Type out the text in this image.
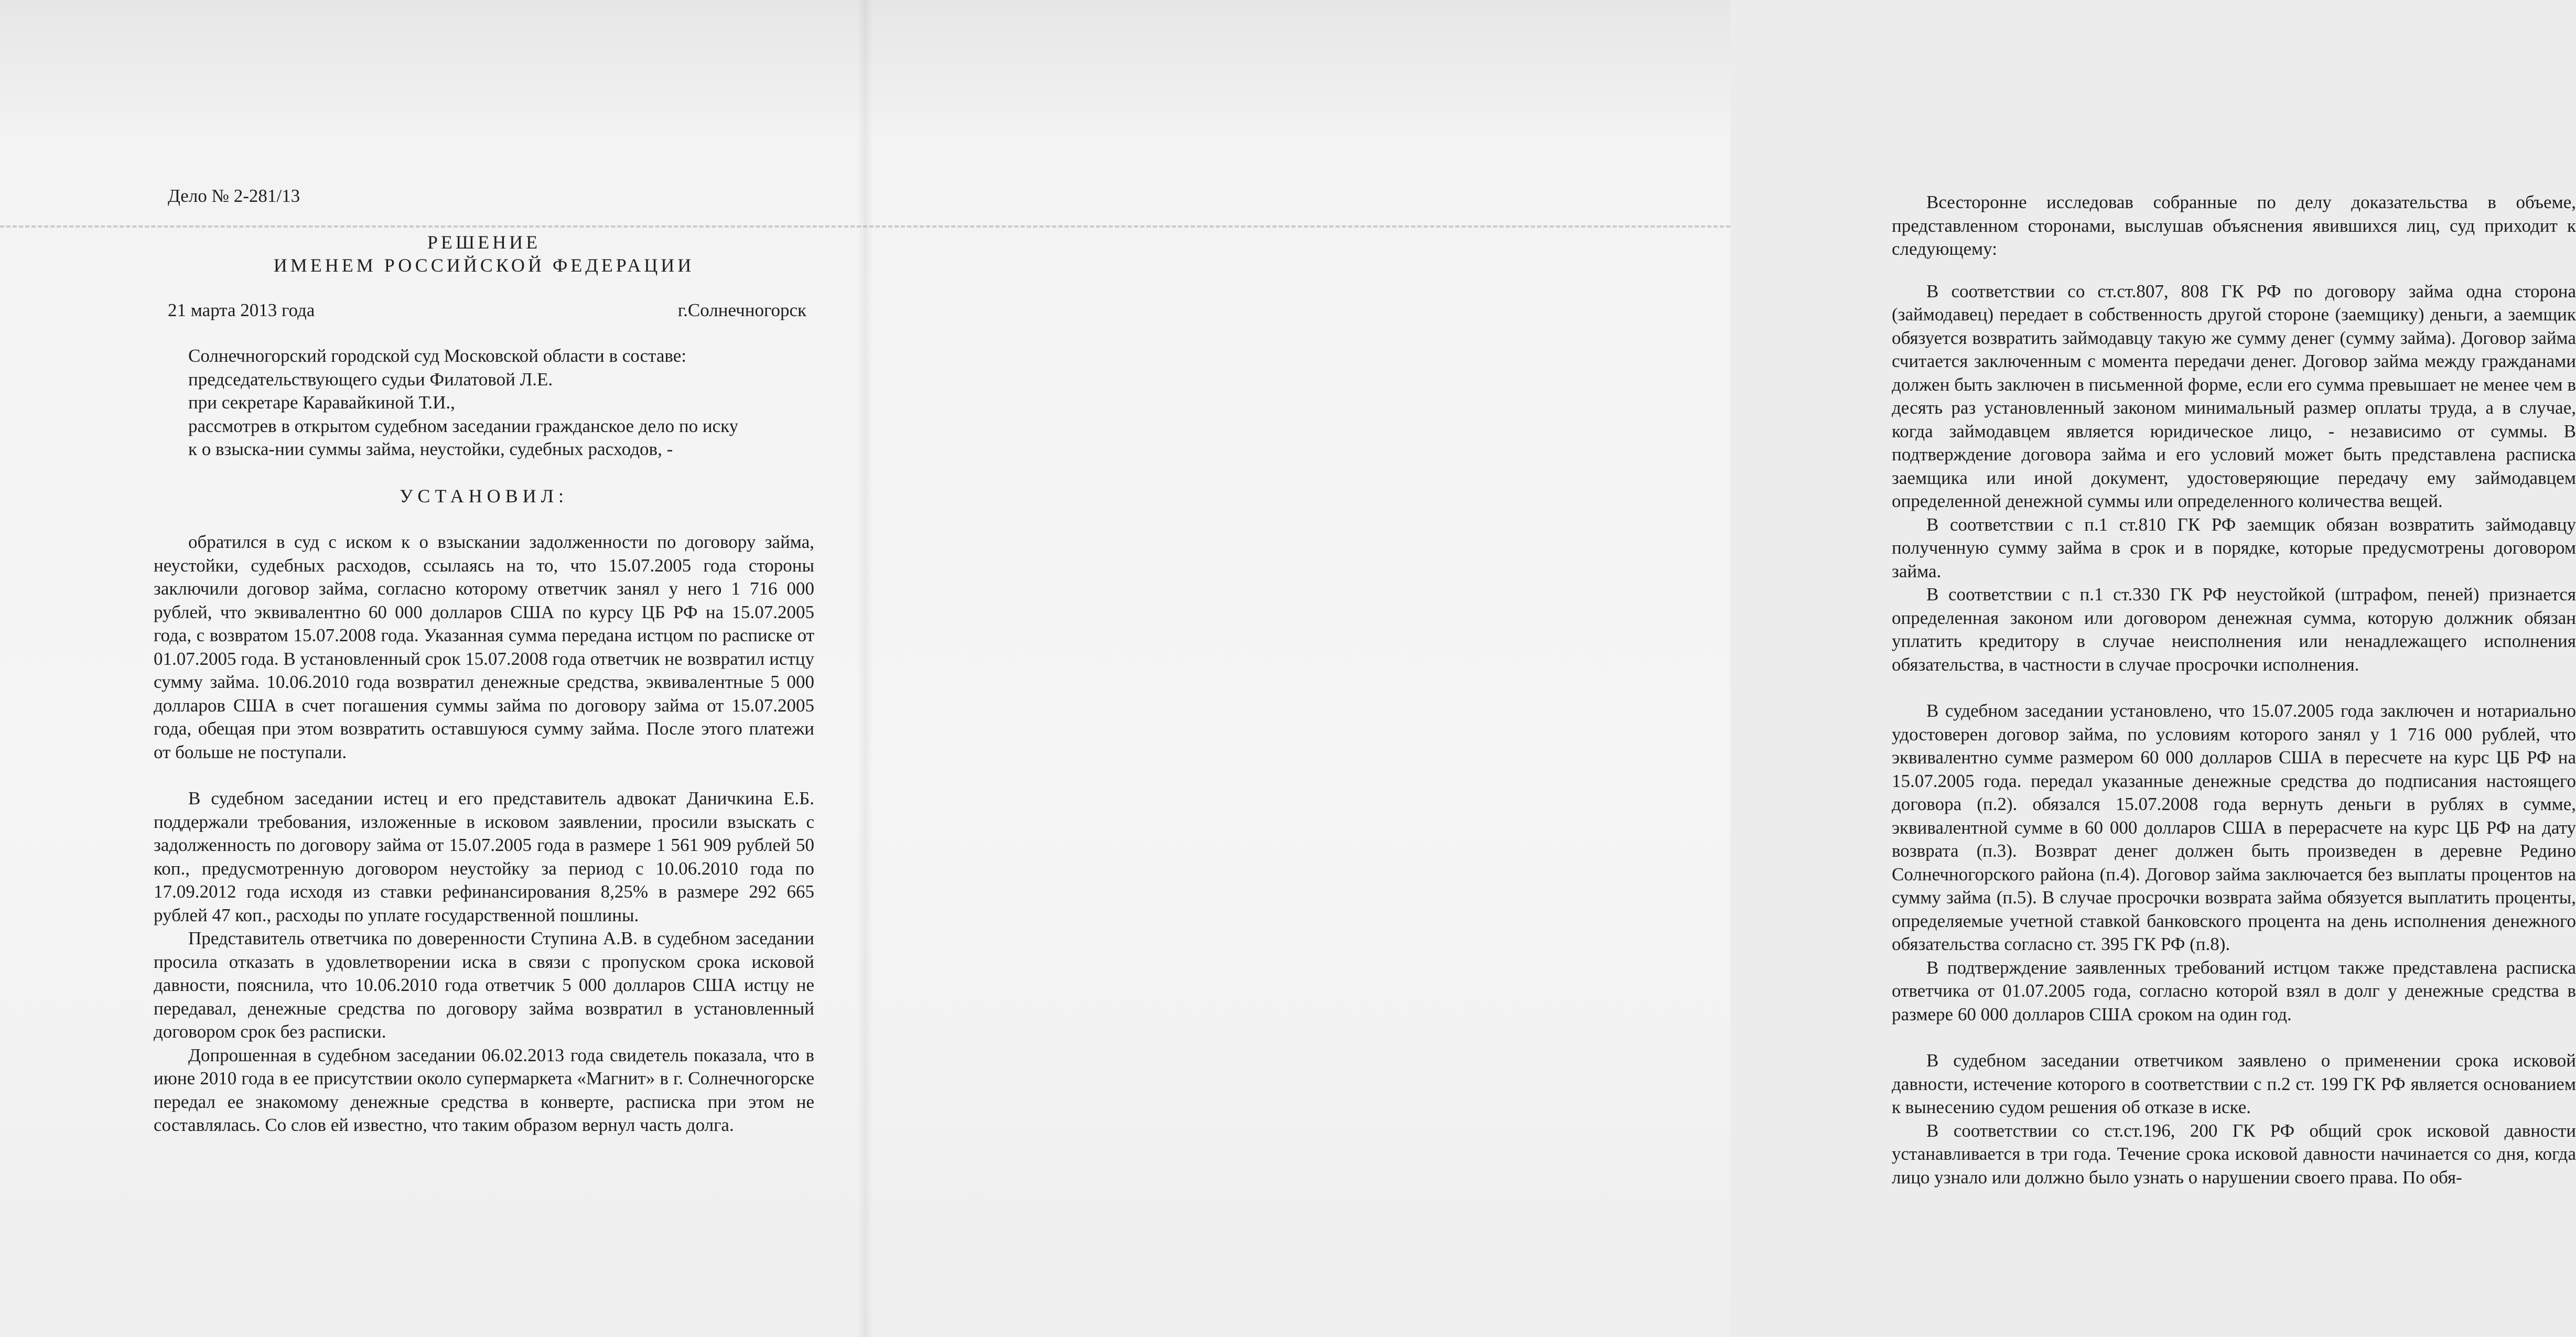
Дело № 2-281/13
РЕШЕНИЕ
ИМЕНЕМ РОССИЙСКОЙ ФЕДЕРАЦИИ
21 марта 2013 года	г.Солнечногорск

Солнечногорский городской суд Московской области в составе:

председательствующего судьи Филатовой Л.Е.

при секретаре Каравайкиной Т.И.,

рассмотрев в открытом судебном заседании гражданское дело по иску

к о взыска-нии суммы займа, неустойки, судебных расходов, -

УСТАНОВИЛ:

обратился в суд с иском к о взыскании задолженности по договору займа, неустойки, судебных расходов, ссылаясь на то, что 15.07.2005 года стороны заключили договор займа, согласно которому ответчик занял у него 1 716 000 рублей, что эквивалентно 60 000 долларов США по курсу ЦБ РФ на 15.07.2005 года, с возвратом 15.07.2008 года. Указанная сумма передана истцом по расписке от 01.07.2005 года. В установленный срок 15.07.2008 года ответчик не возвратил истцу сумму займа. 10.06.2010 года возвратил денежные средства, эквивалентные 5 000 долларов США в счет погашения суммы займа по договору займа от 15.07.2005 года, обещая при этом возвратить оставшуюся сумму займа. После этого платежи от больше не поступали.

В судебном заседании истец и его представитель адвокат Даничкина Е.Б. поддержали требования, изложенные в исковом заявлении, просили взыскать с задолженность по договору займа от 15.07.2005 года в размере 1 561 909 рублей 50 коп., предусмотренную договором неустойку за период с 10.06.2010 года по 17.09.2012 года исходя из ставки рефинансирования 8,25% в размере 292 665 рублей 47 коп., расходы по уплате государственной пошлины.

Представитель ответчика по доверенности Ступина А.В. в судебном заседании просила отказать в удовлетворении иска в связи с пропуском срока исковой давности, пояснила, что 10.06.2010 года ответчик 5 000 долларов США истцу не передавал, денежные средства по договору займа возвратил в установленный договором срок без расписки.

Допрошенная в судебном заседании 06.02.2013 года свидетель показала, что в июне 2010 года в ее присутствии около супермаркета «Магнит» в г. Солнечногорске передал ее знакомому денежные средства в конверте, расписка при этом не составлялась. Со слов ей известно, что таким образом вернул часть долга.

Всесторонне исследовав собранные по делу доказательства в объеме, представленном сторонами, выслушав объяснения явившихся лиц, суд приходит к следующему:

В соответствии со ст.ст.807, 808 ГК РФ по договору займа одна сторона (займодавец) передает в собственность другой стороне (заемщику) деньги, а заемщик обязуется возвратить займодавцу такую же сумму денег (сумму займа). Договор займа считается заключенным с момента передачи денег. Договор займа между гражданами должен быть заключен в письменной форме, если его сумма превышает не менее чем в десять раз установленный законом минимальный размер оплаты труда, а в случае, когда займодавцем является юридическое лицо, - независимо от суммы. В подтверждение договора займа и его условий может быть представлена расписка заемщика или иной документ, удостоверяющие передачу ему займодавцем определенной денежной суммы или определенного количества вещей.

В соответствии с п.1 ст.810 ГК РФ заемщик обязан возвратить займодавцу полученную сумму займа в срок и в порядке, которые предусмотрены договором займа.

В соответствии с п.1 ст.330 ГК РФ неустойкой (штрафом, пеней) признается определенная законом или договором денежная сумма, которую должник обязан уплатить кредитору в случае неисполнения или ненадлежащего исполнения обязательства, в частности в случае просрочки исполнения.

В судебном заседании установлено, что 15.07.2005 года заключен и нотариально удостоверен договор займа, по условиям которого занял у 1 716 000 рублей, что эквивалентно сумме размером 60 000 долларов США в пересчете на курс ЦБ РФ на 15.07.2005 года. передал указанные денежные средства до подписания настоящего договора (п.2). обязался 15.07.2008 года вернуть деньги в рублях в сумме, эквивалентной сумме в 60 000 долларов США в перерасчете на курс ЦБ РФ на дату возврата (п.3). Возврат денег должен быть произведен в деревне Редино Солнечногорского района (п.4). Договор займа заключается без выплаты процентов на сумму займа (п.5). В случае просрочки возврата займа обязуется выплатить проценты, определяемые учетной ставкой банковского процента на день исполнения денежного обязательства согласно ст. 395 ГК РФ (п.8).

В подтверждение заявленных требований истцом также представлена расписка ответчика от 01.07.2005 года, согласно которой взял в долг у денежные средства в размере 60 000 долларов США сроком на один год.

В судебном заседании ответчиком заявлено о применении срока исковой давности, истечение которого в соответствии с п.2 ст. 199 ГК РФ является основанием к вынесению судом решения об отказе в иске.

В соответствии со ст.ст.196, 200 ГК РФ общий срок исковой давности устанавливается в три года. Течение срока исковой давности начинается со дня, когда лицо узнало или должно было узнать о нарушении своего права. По обя-
